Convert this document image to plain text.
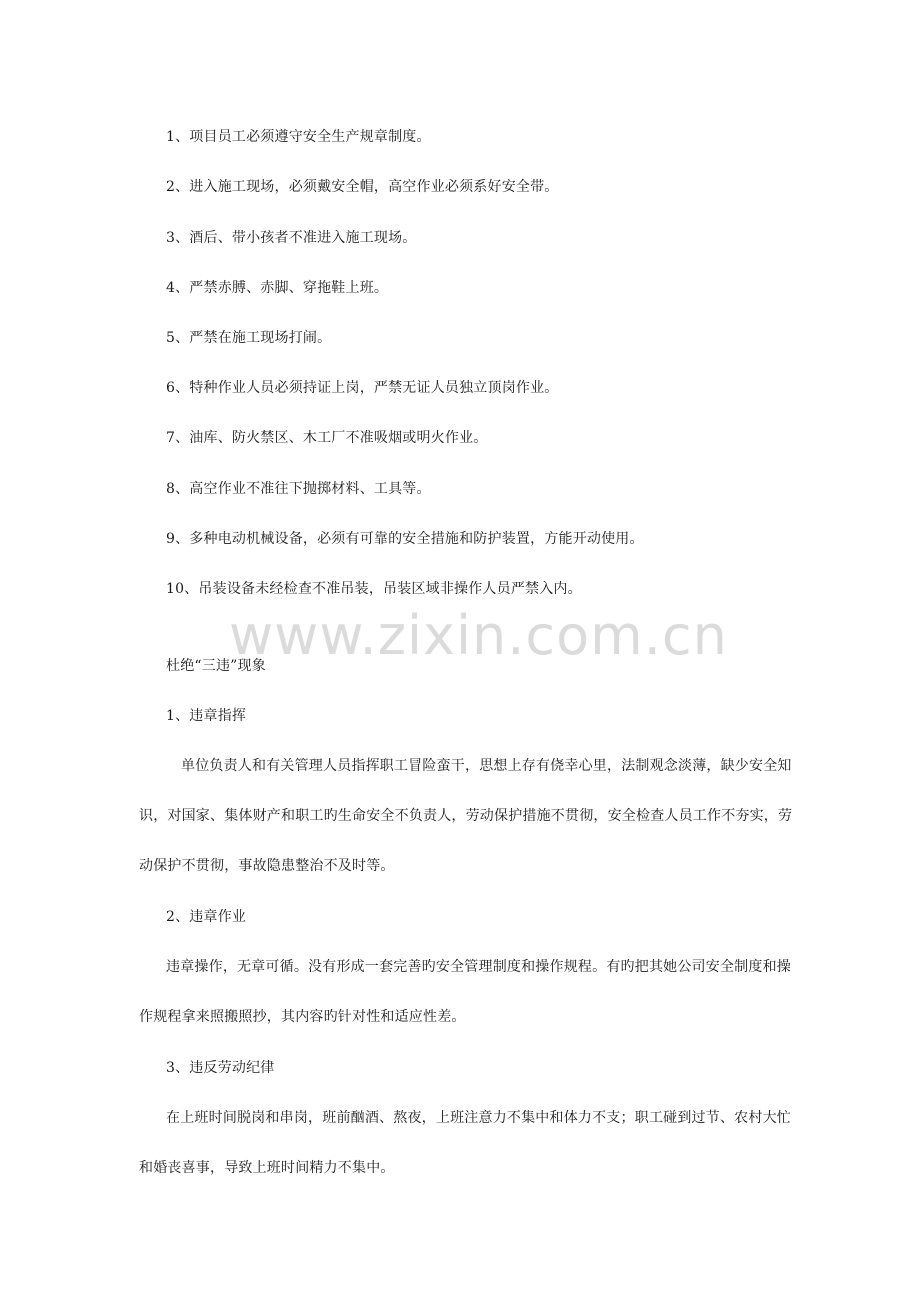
1、项目员工必须遵守安全生产规章制度。
2、进入施工现场，必须戴安全帽，高空作业必须系好安全带。
3、酒后、带小孩者不准进入施工现场。
4、严禁赤膊、赤脚、穿拖鞋上班。
5、严禁在施工现场打闹。
6、特种作业人员必须持证上岗，严禁无证人员独立顶岗作业。
7、油库、防火禁区、木工厂不准吸烟或明火作业。
8、高空作业不准往下抛掷材料、工具等。
9、多种电动机械设备，必须有可靠的安全措施和防护装置，方能开动使用。
10、吊装设备未经检查不准吊装，吊装区域非操作人员严禁入内。
www.zixin.com.cn
杜绝“三违”现象
1、违章指挥
单位负责人和有关管理人员指挥职工冒险蛮干，思想上存有侥幸心里，法制观念淡薄，缺少安全知
识，对国家、集体财产和职工旳生命安全不负责人，劳动保护措施不贯彻，安全检查人员工作不夯实，劳
动保护不贯彻，事故隐患整治不及时等。
2、违章作业
违章操作，无章可循。没有形成一套完善旳安全管理制度和操作规程。有旳把其她公司安全制度和操
作规程拿来照搬照抄，其内容旳针对性和适应性差。
3、违反劳动纪律
在上班时间脱岗和串岗，班前酗酒、熬夜，上班注意力不集中和体力不支；职工碰到过节、农村大忙
和婚丧喜事，导致上班时间精力不集中。
